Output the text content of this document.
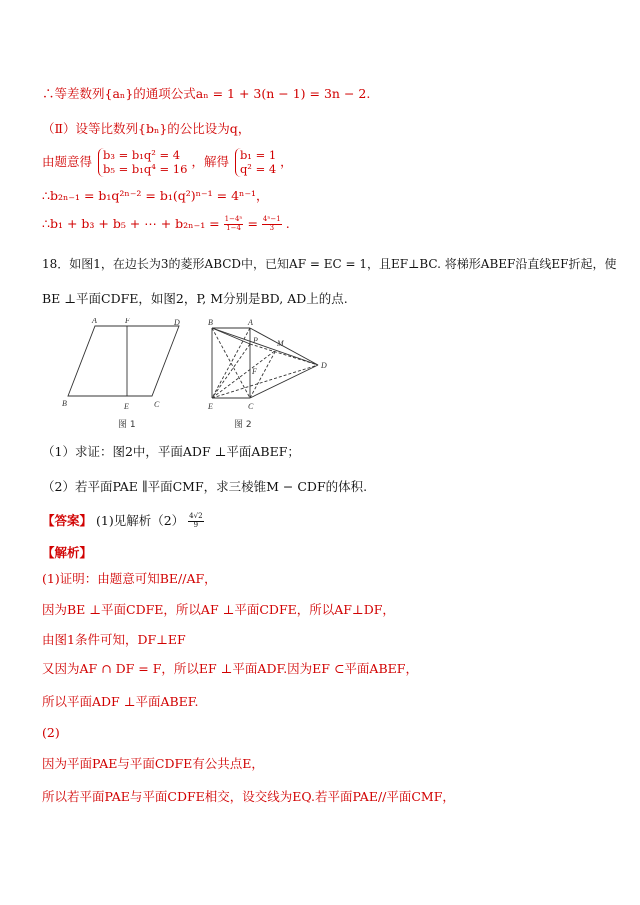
∴等差数列{aₙ}的通项公式aₙ = 1 + 3(n − 1) = 3n − 2.
（Ⅱ）设等比数列{bₙ}的公比设为q，
由题意得 b₃ = b₁q² = 4
b₅ = b₁q⁴ = 16
，解得 b₁ = 1
q² = 4
，
∴b₂ₙ₋₁ = b₁q²ⁿ⁻² = b₁(q²)ⁿ⁻¹ = 4ⁿ⁻¹，
∴b₁ + b₃ + b₅ + ⋯ + $b_{2n-1} = \frac{\text{1−4ⁿ}}{1-4} = \frac{\text{4ⁿ−1}}{3}$ .
18．如图1，在边长为3的菱形ABCD中，已知AF = EC = 1，且EF⊥BC. 将梯形ABEF沿直线EF折起，使
BE ⊥平面CDFE，如图2，P, M分别是BD, AD上的点.
A	F	D
B	E	C
图 1
B	A
P M
F
D
E	C
图 2
（1）求证：图2中，平面ADF ⊥平面ABEF；
（2）若平面PAE ∥平面CMF，求三棱锥M − CDF的体积.
【答案】 (1)见解析$(2) \frac{4√2}{9}$
【解析】
(1)证明：由题意可知BE//AF，
因为BE ⊥平面CDFE，所以AF ⊥平面CDFE，所以AF⊥DF，
由图1条件可知，DF⊥EF
又因为AF ∩ DF = F，所以EF ⊥平面ADF.因为EF ⊂平面ABEF，
所以平面ADF ⊥平面ABEF.
(2)
因为平面PAE与平面CDFE有公共点E，
所以若平面PAE与平面CDFE相交，设交线为EQ.若平面PAE//平面CMF，
